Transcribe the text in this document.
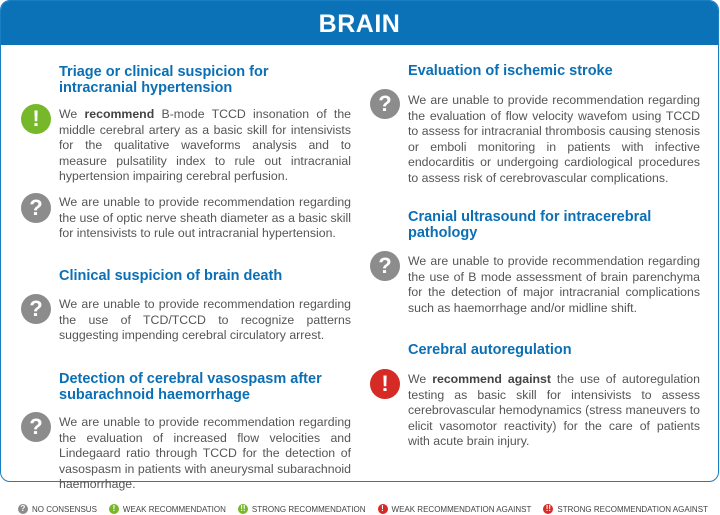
BRAIN
Triage or clinical suspicion for
intracranial hypertension
!	We recommend B-mode TCCD insonation of the middle cerebral artery as a basic skill for intensivists for the qualitative waveforms analysis and to measure pulsatility index to rule out intracranial hypertension impairing cerebral perfusion.
?	We are unable to provide recommendation regarding the use of optic nerve sheath diameter as a basic skill for intensivists to rule out intracranial hypertension.
Clinical suspicion of brain death
?	We are unable to provide recommendation regarding the use of TCD/TCCD to recognize patterns suggesting impending cerebral circulatory arrest.
Detection of cerebral vasospasm after
subarachnoid haemorrhage
?	We are unable to provide recommendation regarding the evaluation of increased flow velocities and Lindegaard ratio through TCCD for the detection of vasospasm in patients with aneurysmal subarachnoid haemorrhage.
Evaluation of ischemic stroke
?	We are unable to provide recommendation regarding the evaluation of flow velocity wavefom using TCCD to assess for intracranial thrombosis causing stenosis or emboli monitoring in patients with infective endocarditis or undergoing cardiological procedures to assess risk of cerebrovascular complications.
Cranial ultrasound for intracerebral
pathology
?	We are unable to provide recommendation regarding the use of B mode assessment of brain parenchyma for the detection of major intracranial complications such as haemorrhage and/or midline shift.
Cerebral autoregulation
!	We recommend against the use of autoregulation testing as basic skill for intensivists to assess cerebrovascular hemodynamics (stress maneuvers to elicit vasomotor reactivity) for the care of patients with acute brain injury.
? NO CONSENSUS	! WEAK RECOMMENDATION !! STRONG RECOMMENDATION	! WEAK RECOMMENDATION AGAINST !! STRONG RECOMMENDATION AGAINST
